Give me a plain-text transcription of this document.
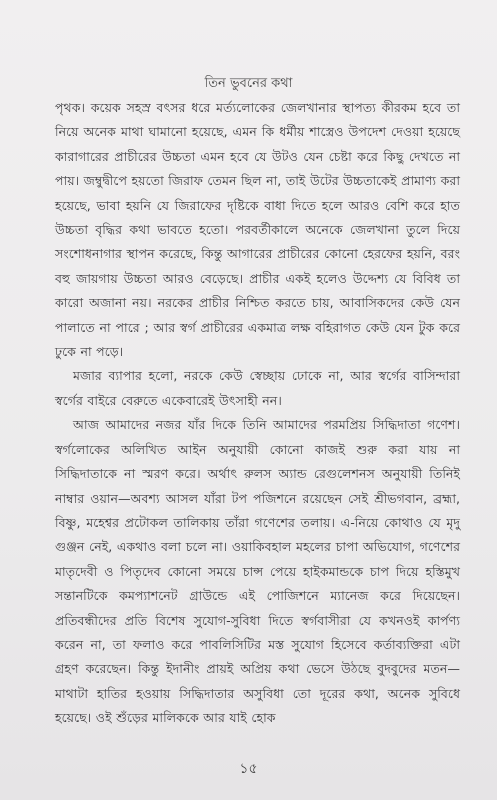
তিন ভুবনের কথা

পৃথক। কয়েক সহস্র বৎসর ধরে মর্ত্যলোকের জেলখানার স্থাপত্য কীরকম হবে তা নিয়ে অনেক মাথা ঘামানো হয়েছে, এমন কি ধর্মীয় শাস্ত্রেও উপদেশ দেওয়া হয়েছে কারাগারের প্রাচীরের উচ্চতা এমন হবে যে উটও যেন চেষ্টা করে কিছু দেখতে না পায়। জম্বুদ্বীপে হয়তো জিরাফ তেমন ছিল না, তাই উটের উচ্চতাকেই প্রামাণ্য করা হয়েছে, ভাবা হয়নি যে জিরাফের দৃষ্টিকে বাধা দিতে হলে আরও বেশি করে হাত উচ্চতা বৃদ্ধির কথা ভাবতে হতো। পরবর্তীকালে অনেকে জেলখানা তুলে দিয়ে সংশোধনাগার স্থাপন করেছে, কিন্তু আগারের প্রাচীরের কোনো হেরফের হয়নি, বরং বহু জায়গায় উচ্চতা আরও বেড়েছে। প্রাচীর একই হলেও উদ্দেশ্য যে বিবিধ তা কারো অজানা নয়। নরকের প্রাচীর নিশ্চিত করতে চায়, আবাসিকদের কেউ যেন পালাতে না পারে ; আর স্বর্গ প্রাচীরের একমাত্র লক্ষ বহিরাগত কেউ যেন টুক করে ঢুকে না পড়ে।

মজার ব্যাপার হলো, নরকে কেউ স্বেচ্ছায় ঢোকে না, আর স্বর্গের বাসিন্দারা স্বর্গের বাইরে বেরুতে একেবারেই উৎসাহী নন।

আজ আমাদের নজর যাঁর দিকে তিনি আমাদের পরমপ্রিয় সিদ্ধিদাতা গণেশ। স্বর্গলোকের অলিখিত আইন অনুযায়ী কোনো কাজই শুরু করা যায় না সিদ্ধিদাতাকে না স্মরণ করে। অর্থাৎ রুলস অ্যান্ড রেগুলেশনস অনুযায়ী তিনিই নাম্বার ওয়ান—অবশ্য আসল যাঁরা টপ পজিশনে রয়েছেন সেই শ্রীভগবান, ব্রহ্মা, বিষ্ণু, মহেশ্বর প্রটোকল তালিকায় তাঁরা গণেশের তলায়। এ-নিয়ে কোথাও যে মৃদু গুঞ্জন নেই, একথাও বলা চলে না। ওয়াকিবহাল মহলের চাপা অভিযোগ, গণেশের মাতৃদেবী ও পিতৃদেব কোনো সময়ে চান্স পেয়ে হাইকমান্ডকে চাপ দিয়ে হস্তিমুখ সন্তানটিকে কমপ্যাশনেট গ্রাউন্ডে এই পোজিশনে ম্যানেজ করে দিয়েছেন। প্রতিবন্ধীদের প্রতি বিশেষ সুযোগ-সুবিধা দিতে স্বর্গবাসীরা যে কখনওই কার্পণ্য করেন না, তা ফলাও করে পাবলিসিটির মস্ত সুযোগ হিসেবে কর্তাব্যক্তিরা এটা গ্রহণ করেছেন। কিন্তু ইদানীং প্রায়ই অপ্রিয় কথা ভেসে উঠছে বুদবুদের মতন—মাথাটা হাতির হওয়ায় সিদ্ধিদাতার অসুবিধা তো দূরের কথা, অনেক সুবিধে হয়েছে। ওই শুঁড়ের মালিককে আর যাই হোক

১৫
